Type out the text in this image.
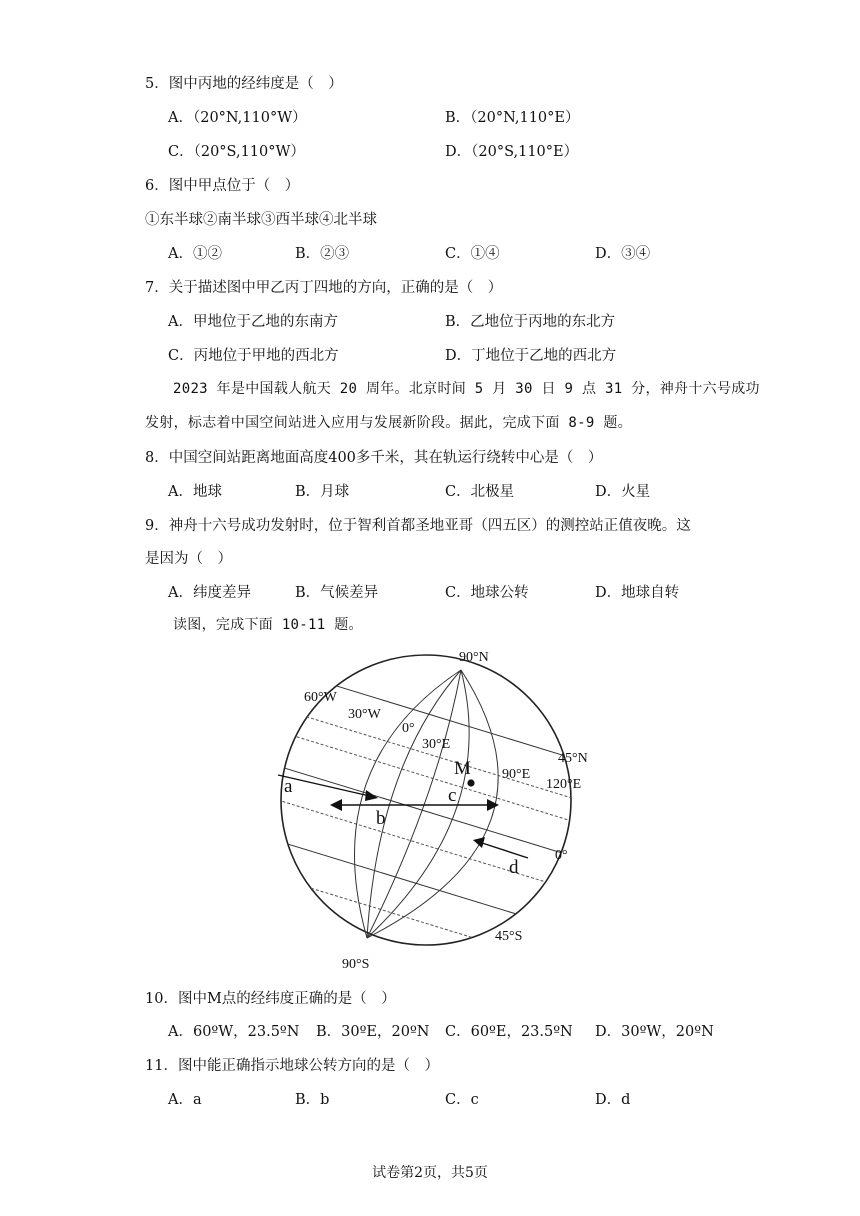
5．图中丙地的经纬度是（　）
A．（20°N,110°W）	B．（20°N,110°E）
C．（20°S,110°W）	D．（20°S,110°E）
6．图中甲点位于（　）
①东半球②南半球③西半球④北半球
A．①②	B．②③	C．①④	D．③④
7．关于描述图中甲乙丙丁四地的方向，正确的是（　）
A．甲地位于乙地的东南方	B．乙地位于丙地的东北方
C．丙地位于甲地的西北方	D．丁地位于乙地的西北方
2023 年是中国载人航天 20 周年。北京时间 5 月 30 日 9 点 31 分，神舟十六号成功
发射，标志着中国空间站进入应用与发展新阶段。据此，完成下面 8-9 题。
8．中国空间站距离地面高度400多千米，其在轨运行绕转中心是（　）
A．地球	B．月球	C．北极星	D．火星
9．神舟十六号成功发射时，位于智利首都圣地亚哥（四五区）的测控站正值夜晚。这
是因为（　）
A．纬度差异	B．气候差异	C．地球公转	D．地球自转
读图，完成下面 10-11 题。
90°N
90°S
60°W
30°W
0°
30°E
90°E
120°E
45°N
0°
45°S
M
a
b
c
d
10．图中M点的经纬度正确的是（　）
A．60ºW，23.5ºN B．30ºE，20ºN C．60ºE，23.5ºN D．30ºW，20ºN
11．图中能正确指示地球公转方向的是（　）
A．a	B．b	C．c	D．d
试卷第2页，共5页
